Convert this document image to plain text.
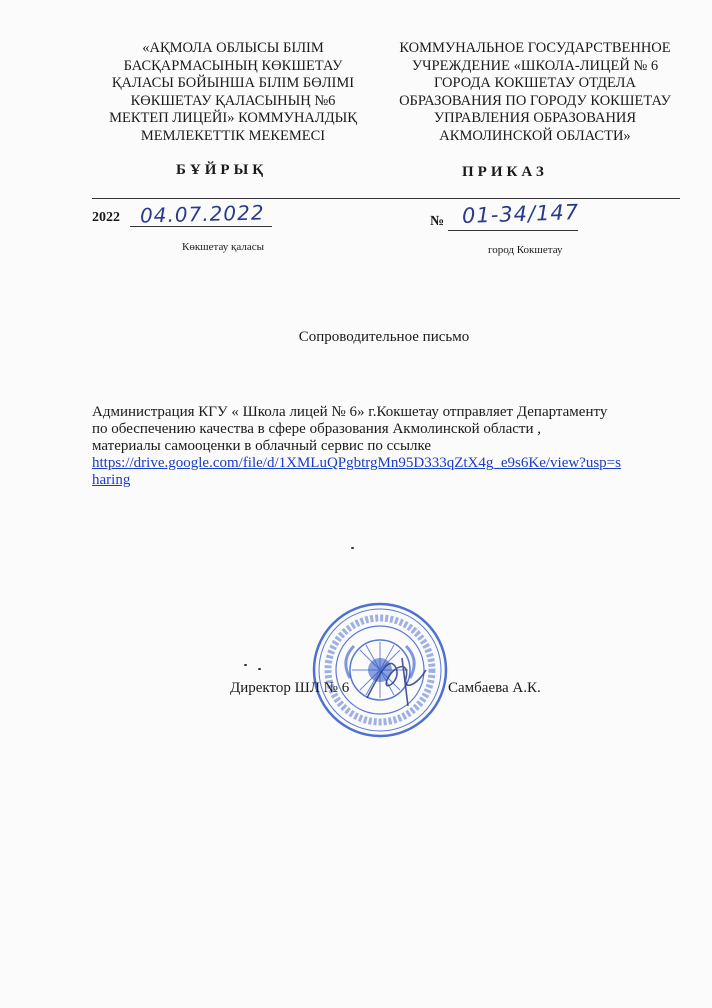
«АҚМОЛА ОБЛЫСЫ БІЛІМ
БАСҚАРМАСЫНЫҢ КӨКШЕТАУ
ҚАЛАСЫ БОЙЫНША БІЛІМ БӨЛІМІ
КӨКШЕТАУ ҚАЛАСЫНЫҢ №6
МЕКТЕП ЛИЦЕЙІ» КОММУНАЛДЫҚ
МЕМЛЕКЕТТІК МЕКЕМЕСІ
КОММУНАЛЬНОЕ ГОСУДАРСТВЕННОЕ
УЧРЕЖДЕНИЕ «ШКОЛА-ЛИЦЕЙ № 6
ГОРОДА КОКШЕТАУ ОТДЕЛА
ОБРАЗОВАНИЯ ПО ГОРОДУ КОКШЕТАУ
УПРАВЛЕНИЯ ОБРАЗОВАНИЯ
АКМОЛИНСКОЙ ОБЛАСТИ»
БҰЙРЫҚ	ПРИКАЗ
2022 04.07.2022
Көкшетау қаласы
№ 01-34/147
город Кокшетау
Сопроводительное письмо
Администрация КГУ « Школа лицей № 6» г.Кокшетау отправляет Департаменту
по обеспечению качества в сфере образования Акмолинской области ,
материалы самооценки в облачный сервис по ссылке
https://drive.google.com/file/d/1XMLuQPgbtrgMn95D333qZtX4g_e9s6Ke/view?usp=s
haring
Директор ШЛ № 6	Самбаева А.К.
